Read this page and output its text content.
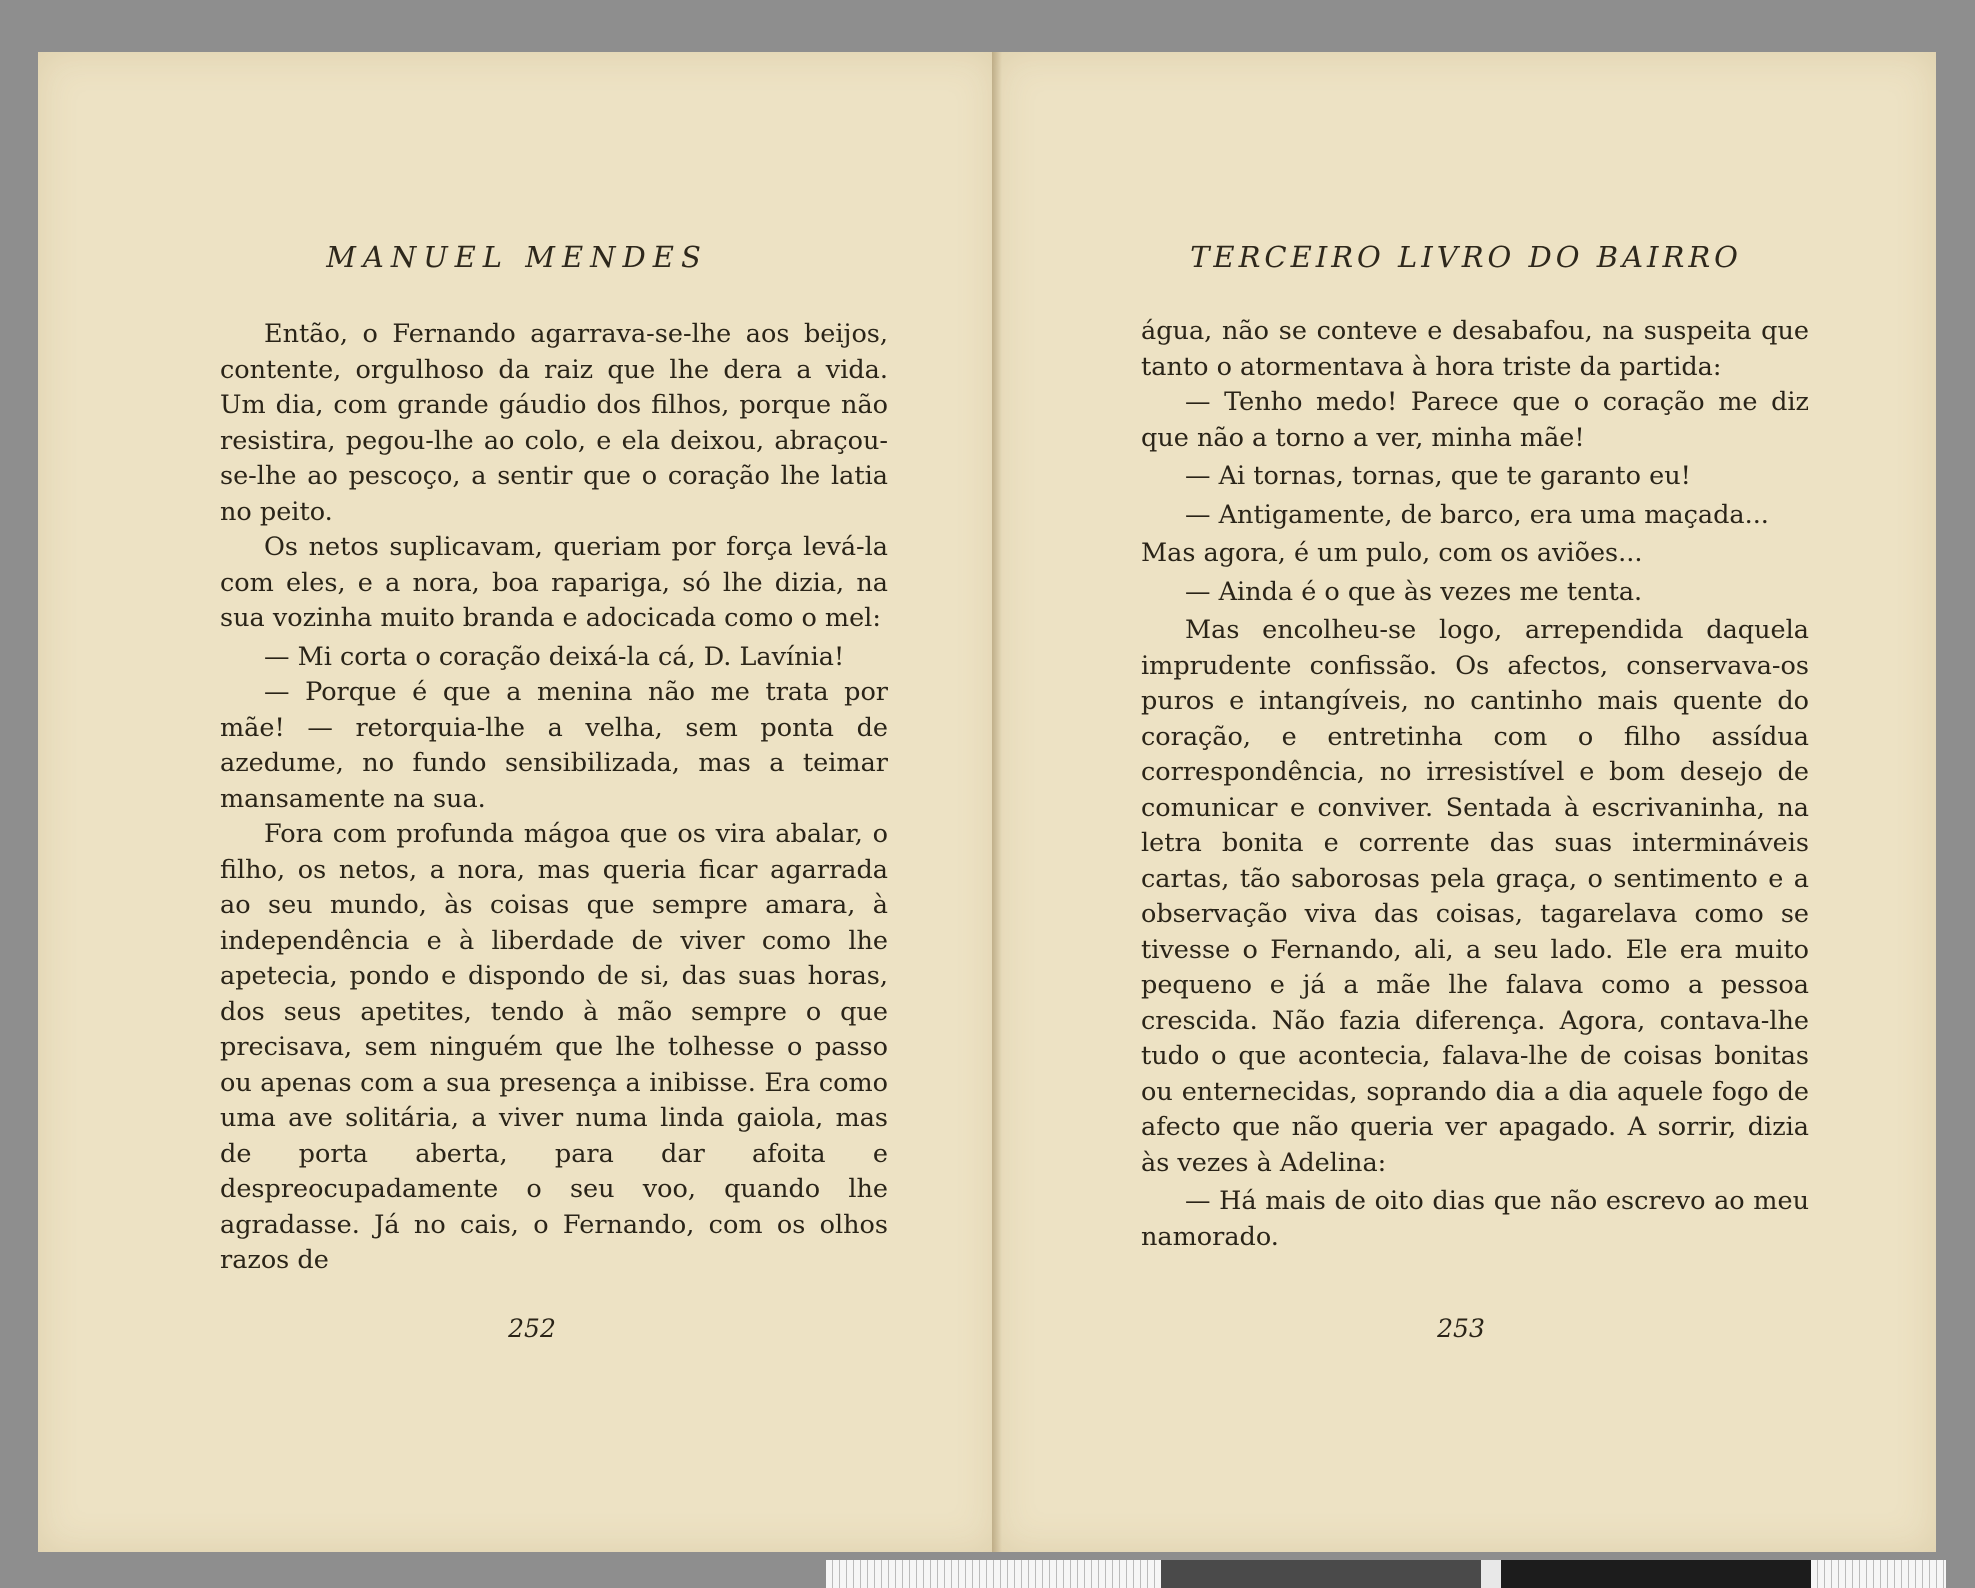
MANUEL MENDES

Então, o Fernando agarrava-se-lhe aos beijos, contente, orgulhoso da raiz que lhe dera a vida. Um dia, com grande gáudio dos filhos, porque não resistira, pegou-lhe ao colo, e ela deixou, abraçou-se-lhe ao pescoço, a sentir que o coração lhe latia no peito.

Os netos suplicavam, queriam por força levá-la com eles, e a nora, boa rapariga, só lhe dizia, na sua vozinha muito branda e adocicada como o mel:

— Mi corta o coração deixá-la cá, D. Lavínia!

— Porque é que a menina não me trata por mãe! — retorquia-lhe a velha, sem ponta de azedume, no fundo sensibilizada, mas a teimar mansamente na sua.

Fora com profunda mágoa que os vira abalar, o filho, os netos, a nora, mas queria ficar agarrada ao seu mundo, às coisas que sempre amara, à independência e à liberdade de viver como lhe apetecia, pondo e dispondo de si, das suas horas, dos seus apetites, tendo à mão sempre o que precisava, sem ninguém que lhe tolhesse o passo ou apenas com a sua presença a inibisse. Era como uma ave solitária, a viver numa linda gaiola, mas de porta aberta, para dar afoita e despreocupadamente o seu voo, quando lhe agradasse. Já no cais, o Fernando, com os olhos razos de

252
TERCEIRO LIVRO DO BAIRRO

água, não se conteve e desabafou, na suspeita que tanto o atormentava à hora triste da partida:

— Tenho medo! Parece que o coração me diz que não a torno a ver, minha mãe!

— Ai tornas, tornas, que te garanto eu!

— Antigamente, de barco, era uma maçada...

Mas agora, é um pulo, com os aviões...

— Ainda é o que às vezes me tenta.

Mas encolheu-se logo, arrependida daquela imprudente confissão. Os afectos, conservava-os puros e intangíveis, no cantinho mais quente do coração, e entretinha com o filho assídua correspondência, no irresistível e bom desejo de comunicar e conviver. Sentada à escrivaninha, na letra bonita e corrente das suas intermináveis cartas, tão saborosas pela graça, o sentimento e a observação viva das coisas, tagarelava como se tivesse o Fernando, ali, a seu lado. Ele era muito pequeno e já a mãe lhe falava como a pessoa crescida. Não fazia diferença. Agora, contava-lhe tudo o que acontecia, falava-lhe de coisas bonitas ou enternecidas, soprando dia a dia aquele fogo de afecto que não queria ver apagado. A sorrir, dizia às vezes à Adelina:

— Há mais de oito dias que não escrevo ao meu namorado.

253
